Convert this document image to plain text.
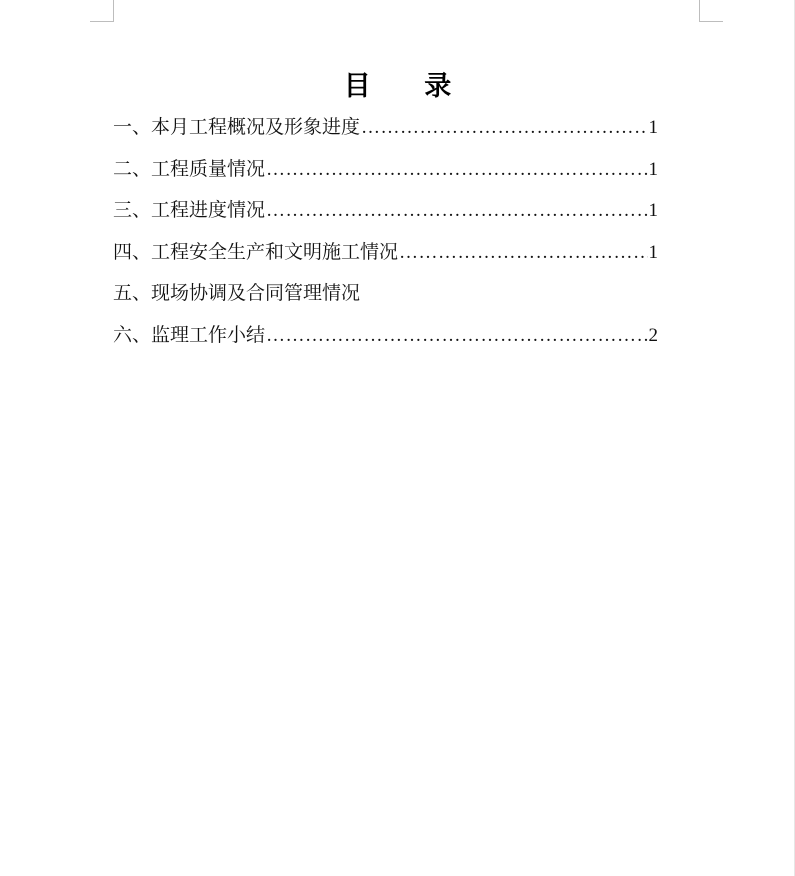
目 录
一、本月工程概况及形象进度 …………………………………………………………………………………………………………………………	1
二、工程质量情况 …………………………………………………………………………………………………………………………	1
三、工程进度情况 …………………………………………………………………………………………………………………………	1
四、工程安全生产和文明施工情况 …………………………………………………………………………………………………………………………	1
五、现场协调及合同管理情况
六、监理工作小结 …………………………………………………………………………………………………………………………	2
